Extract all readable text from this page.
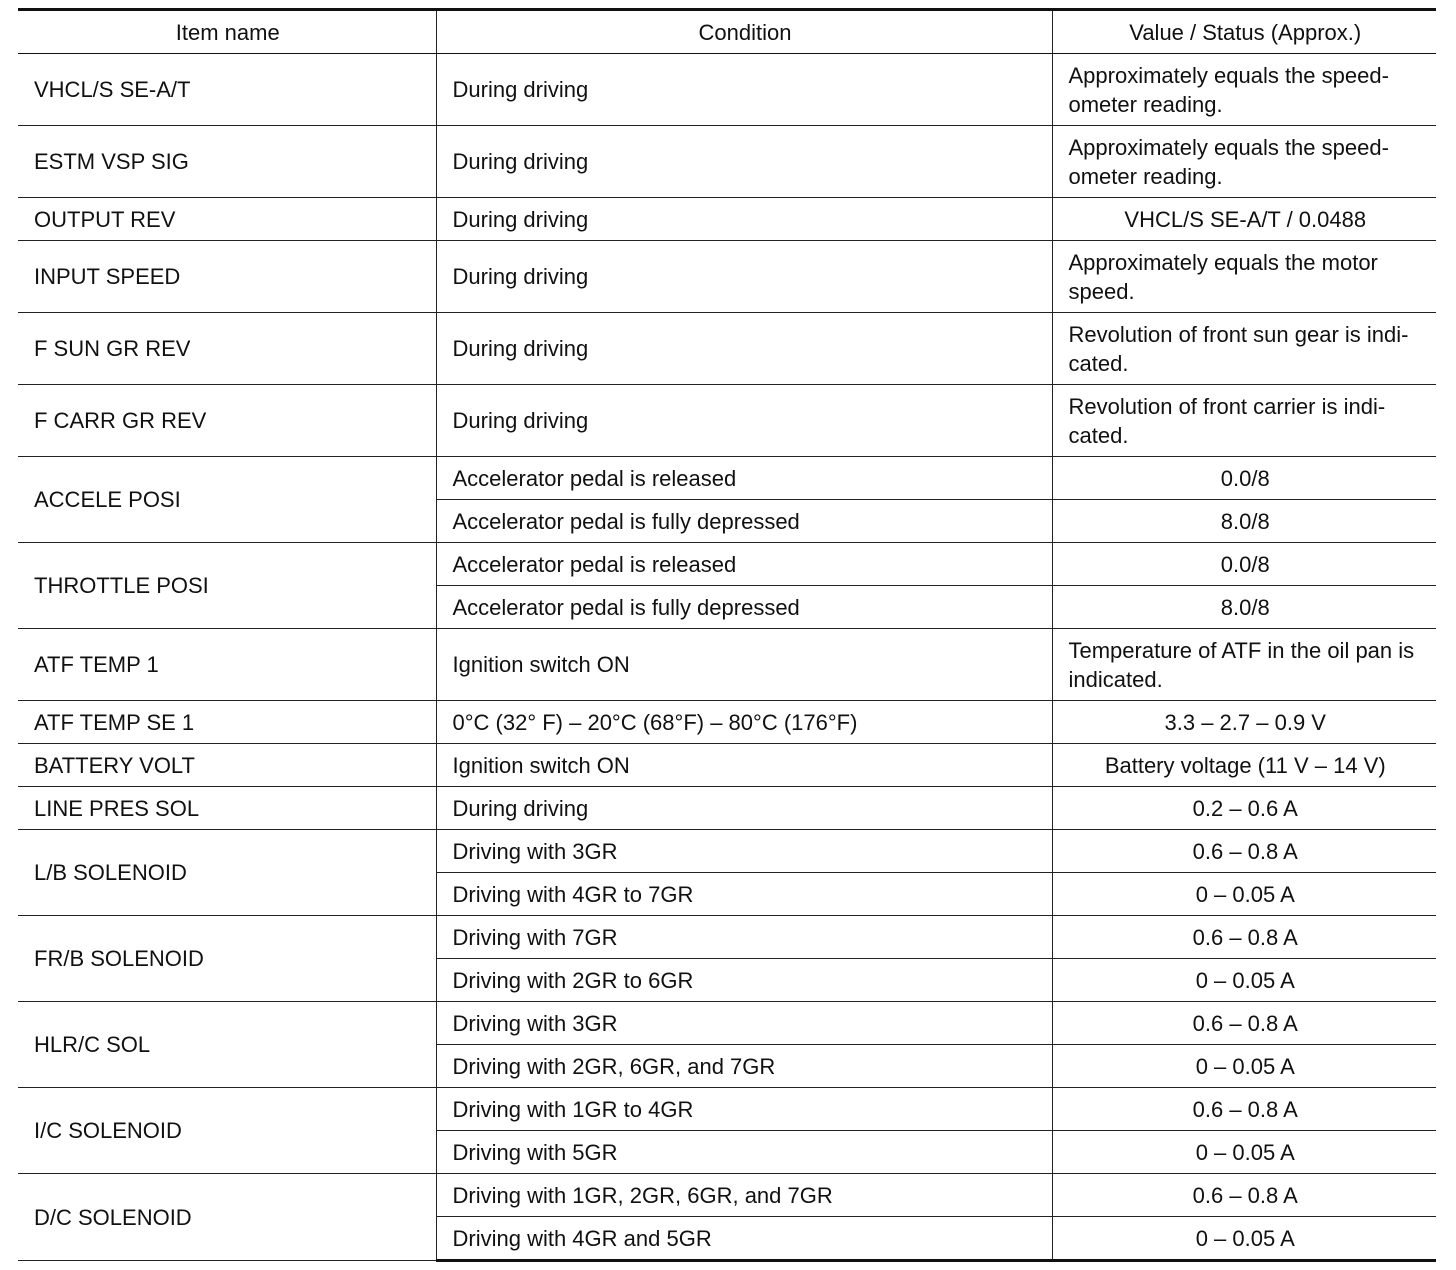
Item name	Condition	Value / Status (Approx.)
VHCL/S SE-A/T	During driving	Approximately equals the speed-ometer reading.
ESTM VSP SIG	During driving	Approximately equals the speed-ometer reading.
OUTPUT REV	During driving	VHCL/S SE-A/T / 0.0488
INPUT SPEED	During driving	Approximately equals the motor speed.
F SUN GR REV	During driving	Revolution of front sun gear is indi-cated.
F CARR GR REV	During driving	Revolution of front carrier is indi-cated.
ACCELE POSI	Accelerator pedal is released	0.0/8
	Accelerator pedal is fully depressed	8.0/8
THROTTLE POSI	Accelerator pedal is released	0.0/8
	Accelerator pedal is fully depressed	8.0/8
ATF TEMP 1	Ignition switch ON	Temperature of ATF in the oil pan is indicated.
ATF TEMP SE 1	0°C (32° F) – 20°C (68°F) – 80°C (176°F)	3.3 – 2.7 – 0.9 V
BATTERY VOLT	Ignition switch ON	Battery voltage (11 V – 14 V)
LINE PRES SOL	During driving	0.2 – 0.6 A
L/B SOLENOID	Driving with 3GR	0.6 – 0.8 A
	Driving with 4GR to 7GR	0 – 0.05 A
FR/B SOLENOID	Driving with 7GR	0.6 – 0.8 A
	Driving with 2GR to 6GR	0 – 0.05 A
HLR/C SOL	Driving with 3GR	0.6 – 0.8 A
	Driving with 2GR, 6GR, and 7GR	0 – 0.05 A
I/C SOLENOID	Driving with 1GR to 4GR	0.6 – 0.8 A
	Driving with 5GR	0 – 0.05 A
D/C SOLENOID	Driving with 1GR, 2GR, 6GR, and 7GR	0.6 – 0.8 A
	Driving with 4GR and 5GR	0 – 0.05 A
